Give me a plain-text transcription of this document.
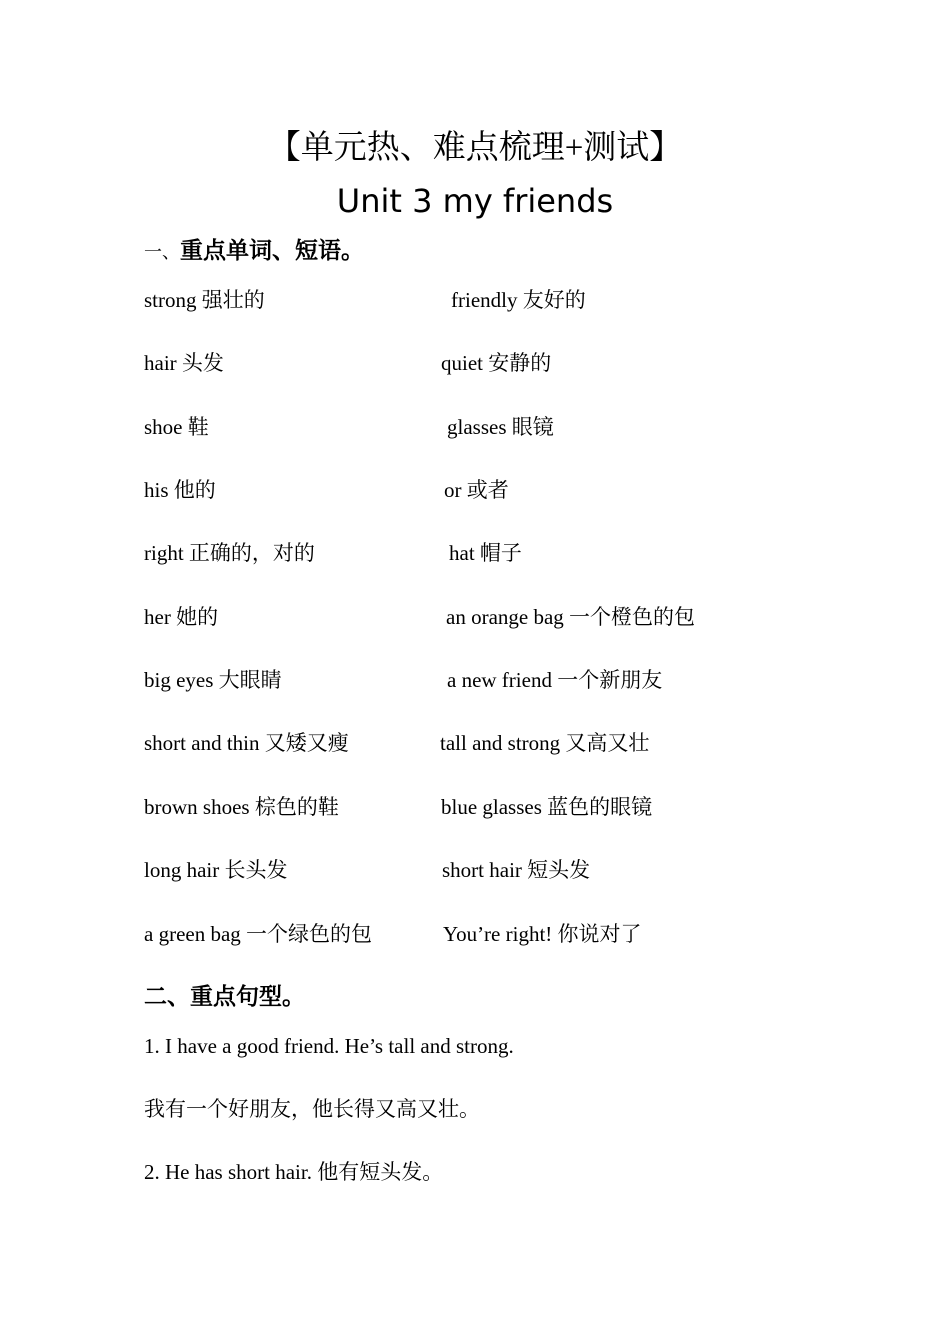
【单元热、难点梳理+测试】
Unit 3 my friends
一、重点单词、短语。
strong 强壮的	friendly 友好的
hair 头发	quiet 安静的
shoe 鞋	glasses 眼镜
his 他的	or 或者
right 正确的，对的	hat 帽子
her 她的	an orange bag 一个橙色的包
big eyes 大眼睛	a new friend 一个新朋友
short and thin 又矮又瘦	tall and strong 又高又壮
brown shoes 棕色的鞋	blue glasses 蓝色的眼镜
long hair 长头发	short hair 短头发
a green bag 一个绿色的包	You’re right! 你说对了
二、重点句型。
1. I have a good friend. He’s tall and strong.
我有一个好朋友，他长得又高又壮。
2. He has short hair. 他有短头发。
